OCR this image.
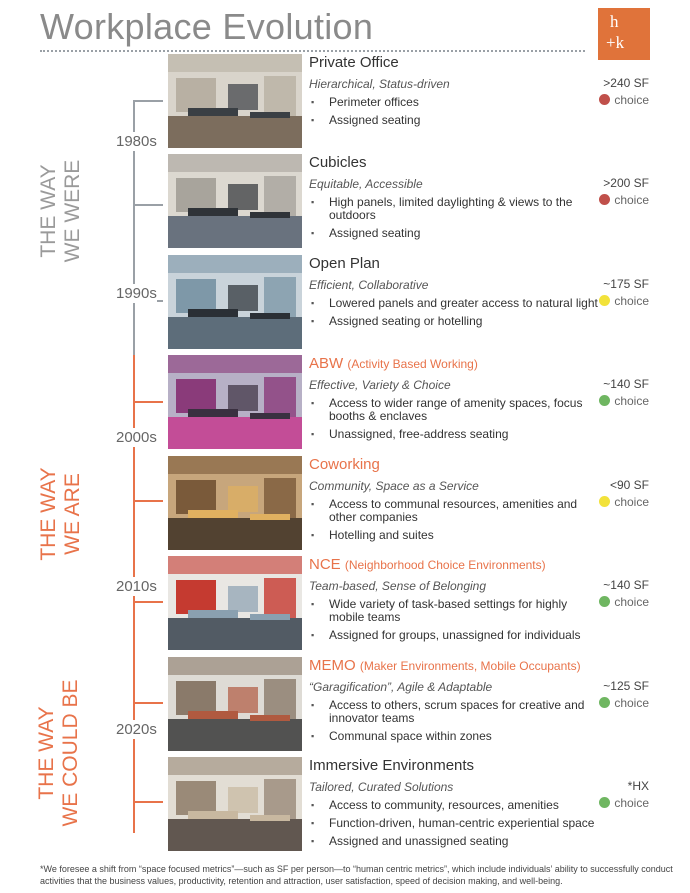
Workplace Evolution	h
+k
THE WAY WE WERE
THE WAY WE ARE
THE WAY WE COULD BE
1980s
1990s
2000s
2010s
2020s
Private Office
Hierarchical, Status-driven
▪ Perimeter offices
▪ Assigned seating
>240 SF
choice
Cubicles
Equitable, Accessible
▪ High panels, limited daylighting & views to the outdoors
▪ Assigned seating
>200 SF
choice
Open Plan
Efficient, Collaborative
▪ Lowered panels and greater access to natural light
▪ Assigned seating or hotelling
~175 SF
choice
ABW (Activity Based Working)
Effective, Variety & Choice
▪ Access to wider range of amenity spaces, focus booths & enclaves
▪ Unassigned, free-address seating
~140 SF
choice
Coworking
Community, Space as a Service
▪ Access to communal resources, amenities and other companies
▪ Hotelling and suites
<90 SF
choice
NCE (Neighborhood Choice Environments)
Team-based, Sense of Belonging
▪ Wide variety of task-based settings for highly mobile teams
▪ Assigned for groups, unassigned for individuals
~140 SF
choice
MEMO (Maker Environments, Mobile Occupants)
“Garagification”, Agile & Adaptable
▪ Access to others, scrum spaces for creative and innovator teams
▪ Communal space within zones
~125 SF
choice
Immersive Environments
Tailored, Curated Solutions
▪ Access to community, resources, amenities
▪ Function-driven, human-centric experiential space
▪ Assigned and unassigned seating
*HX
choice
*We foresee a shift from “space focused metrics”—such as SF per person—to “human centric metrics”, which include individuals’ ability to successfully conduct activities that the business values, productivity, retention and attraction, user satisfaction, speed of decision making, and well-being.
